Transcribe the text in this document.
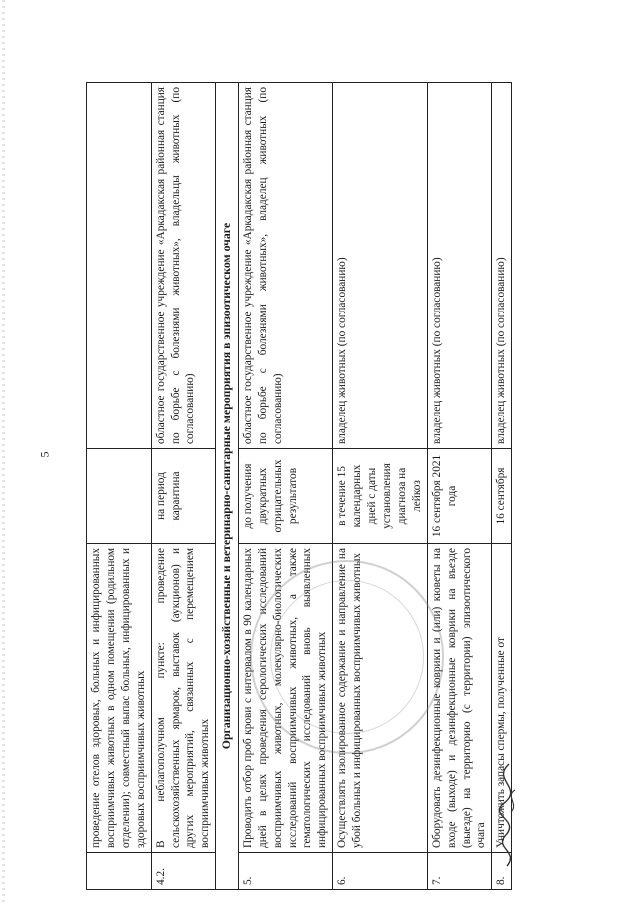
5
	проведение отелов здоровых, больных и инфицированных восприимчивых животных в одном помещении (родильном отделении); совместный выпас больных, инфицированных и здоровых восприимчивых животных		
4.2.	В неблагополучном пункте: проведение сельскохозяйственных ярмарок, выставок (аукционов) и других мероприятий, связанных с перемещением восприимчивых животных	на период карантина	областное государственное учреждение «Аркадакская районная станция по борьбе с болезнями животных», владельцы животных (по согласованию)
Организационно-хозяйственные и ветеринарно-санитарные мероприятия в эпизоотическом очаге			
5.	Проводить отбор проб крови с интервалом в 90 календарных дней в целях проведения серологических исследований восприимчивых животных, молекулярно-биологических исследований восприимчивых животных, а также гематологических исследований вновь выявленных инфицированных восприимчивых животных	до получения двукратных отрицательных результатов	областное государственное учреждение «Аркадакская районная станция по борьбе с болезнями животных», владелец животных (по согласованию)
6.	Осуществлять изолированное содержание и направление на убой больных и инфицированных восприимчивых животных	в течение 15 календарных дней с даты установления диагноза на лейкоз	владелец животных (по согласованию)
7.	Оборудовать дезинфекционные коврики и (или) кюветы на входе (выходе) и дезинфекционные коврики на въезде (выезде) на территорию (с территории) эпизоотического очага	16 сентября 2021 года	владелец животных (по согласованию)
8.	Уничтожить запасы спермы, полученные от	16 сентября	владелец животных (по согласованию)
